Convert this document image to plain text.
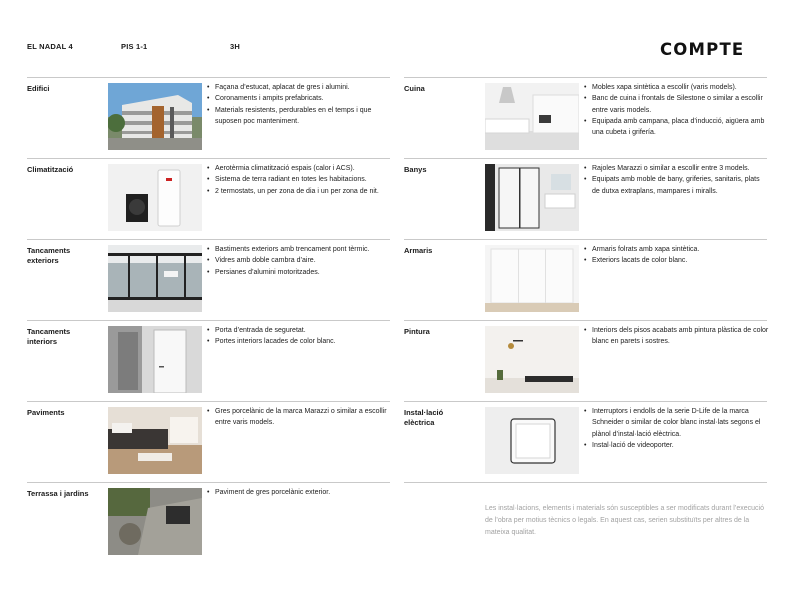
EL NADAL 4	PIS 1-1	3H	COMPTE
Edifici	• Façana d’estucat, aplacat de gres i alumini.
• Coronaments i ampits prefabricats.
• Materials resistents, perdurables en el temps i que suposen poc manteniment.
Climatització	• Aerotèrmia climatització espais (calor i ACS).
• Sistema de terra radiant en totes les habitacions.
• 2 termostats, un per zona de dia i un per zona de nit.
Tancaments exteriors
• Bastiments exteriors amb trencament pont tèrmic.
• Vidres amb doble cambra d’aire.
• Persianes d’alumini motoritzades.
Tancaments interiors
• Porta d’entrada de seguretat.
• Portes interiors lacades de color blanc.
Paviments	• Gres porcelànic de la marca Marazzi o similar a escollir entre varis models.
Terrassa i jardins	• Paviment de gres porcelànic exterior.
Cuina	• Mobles xapa sintètica a escollir (varis models).
• Banc de cuina i frontals de Silestone o similar a escollir entre varis models.
• Equipada amb campana, placa d’inducció, aigüera amb una cubeta i grifería.
Banys	• Rajoles Marazzi o similar a escollir entre 3 models.
• Equipats amb moble de bany, griferies, sanitaris, plats de dutxa extraplans, mampares i miralls.
Armaris	• Armaris folrats amb xapa sintètica.
• Exteriors lacats de color blanc.
Pintura	• Interiors dels pisos acabats amb pintura plàstica de color blanc en parets i sostres.
Instal·lació elèctrica
• Interruptors i endolls de la serie D-Life de la marca Schneider o similar de color blanc instal·lats segons el plànol d’instal·lació elèctrica.
• Instal·lació de videoporter.
Les instal·lacions, elements i materials són susceptibles a ser modificats durant l’execució de l’obra per motius tècnics o legals. En aquest cas, serien substituïts per altres de la mateixa qualitat.
